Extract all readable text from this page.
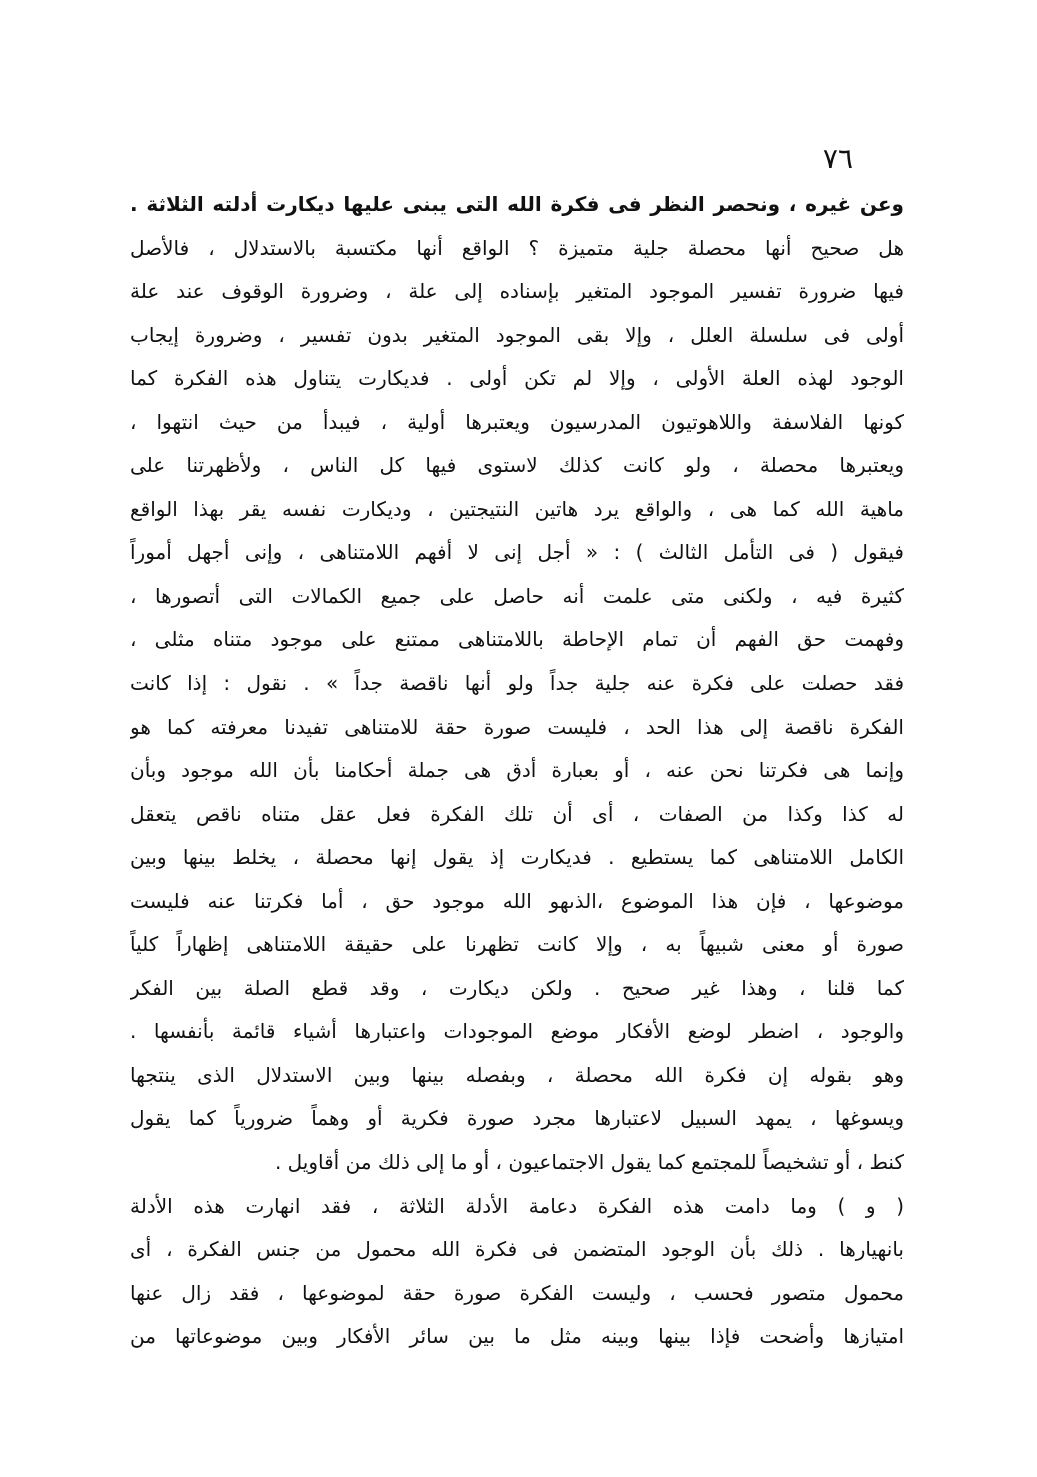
٧٦
وعن غيره ، ونحصر النظر فى فكرة الله التى يبنى عليها ديكارت أدلته الثلاثة .
هل صحيح أنها محصلة جلية متميزة ؟ الواقع أنها مكتسبة بالاستدلال ، فالأصل
فيها ضرورة تفسير الموجود المتغير بإسناده إلى علة ، وضرورة الوقوف عند علة
أولى فى سلسلة العلل ، وإلا بقى الموجود المتغير بدون تفسير ، وضرورة إيجاب
الوجود لهذه العلة الأولى ، وإلا لم تكن أولى . فديكارت يتناول هذه الفكرة كما
كونها الفلاسفة واللاهوتيون المدرسيون ويعتبرها أولية ، فيبدأ من حيث انتهوا ،
ويعتبرها محصلة ، ولو كانت كذلك لاستوى فيها كل الناس ، ولأظهرتنا على
ماهية الله كما هى ، والواقع يرد هاتين النتيجتين ، وديكارت نفسه يقر بهذا الواقع
فيقول ( فى التأمل الثالث ) : « أجل إنى لا أفهم اللامتناهى ، وإنى أجهل أموراً
كثيرة فيه ، ولكنى متى علمت أنه حاصل على جميع الكمالات التى أتصورها ،
وفهمت حق الفهم أن تمام الإحاطة باللامتناهى ممتنع على موجود متناه مثلى ،
فقد حصلت على فكرة عنه جلية جداً ولو أنها ناقصة جداً » . نقول : إذا كانت
الفكرة ناقصة إلى هذا الحد ، فليست صورة حقة للامتناهى تفيدنا معرفته كما هو
وإنما هى فكرتنا نحن عنه ، أو بعبارة أدق هى جملة أحكامنا بأن الله موجود وبأن
له كذا وكذا من الصفات ، أى أن تلك الفكرة فعل عقل متناه ناقص يتعقل
الكامل اللامتناهى كما يستطيع . فديكارت إذ يقول إنها محصلة ، يخلط بينها وبين
موضوعها ، فإن هذا الموضوع ،الذىهو الله موجود حق ، أما فكرتنا عنه فليست
صورة أو معنى شبيهاً به ، وإلا كانت تظهرنا على حقيقة اللامتناهى إظهاراً كلياً
كما قلنا ، وهذا غير صحيح . ولكن ديكارت ، وقد قطع الصلة بين الفكر
والوجود ، اضطر لوضع الأفكار موضع الموجودات واعتبارها أشياء قائمة بأنفسها .
وهو بقوله إن فكرة الله محصلة ، وبفصله بينها وبين الاستدلال الذى ينتجها
ويسوغها ، يمهد السبيل لاعتبارها مجرد صورة فكرية أو وهماً ضرورياً كما يقول
كنط ، أو تشخيصاً للمجتمع كما يقول الاجتماعيون ، أو ما إلى ذلك من أقاويل .
( و ) وما دامت هذه الفكرة دعامة الأدلة الثلاثة ، فقد انهارت هذه الأدلة
بانهيارها . ذلك بأن الوجود المتضمن فى فكرة الله محمول من جنس الفكرة ، أى
محمول متصور فحسب ، وليست الفكرة صورة حقة لموضوعها ، فقد زال عنها
امتيازها وأضحت فإذا بينها وبينه مثل ما بين سائر الأفكار وبين موضوعاتها من
